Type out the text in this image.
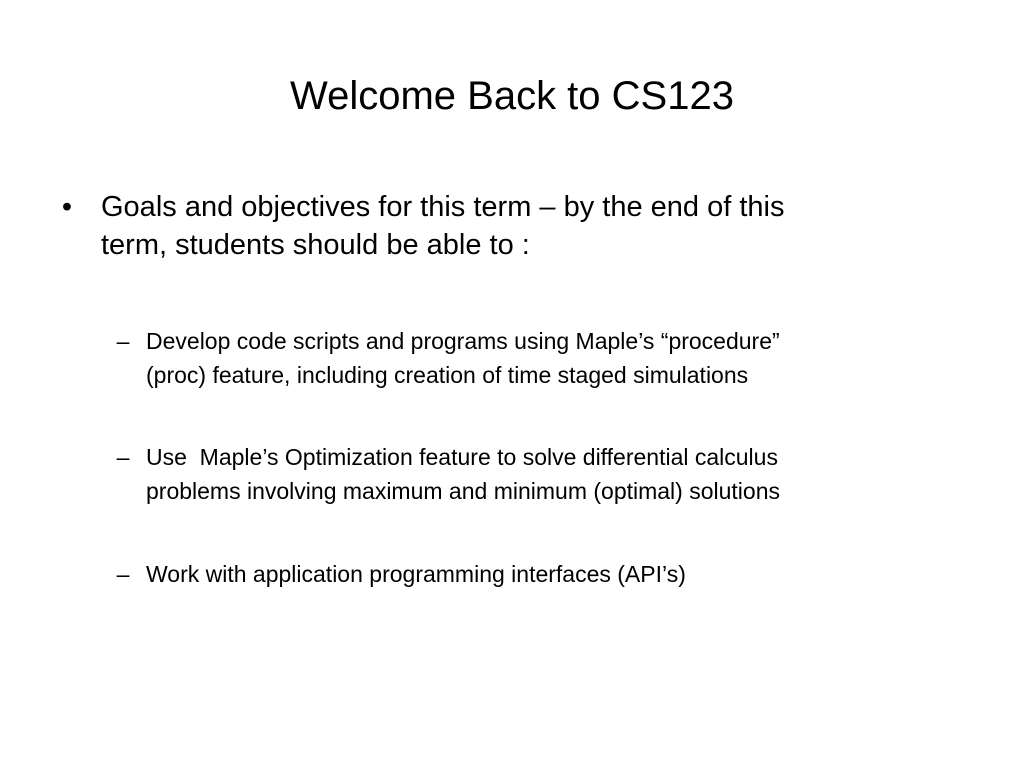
Welcome Back to CS123
• Goals and objectives for this term – by the end of this
term, students should be able to :
– Develop code scripts and programs using Maple’s “procedure”
(proc) feature, including creation of time staged simulations
– Use  Maple’s Optimization feature to solve differential calculus
problems involving maximum and minimum (optimal) solutions
– Work with application programming interfaces (API’s)
